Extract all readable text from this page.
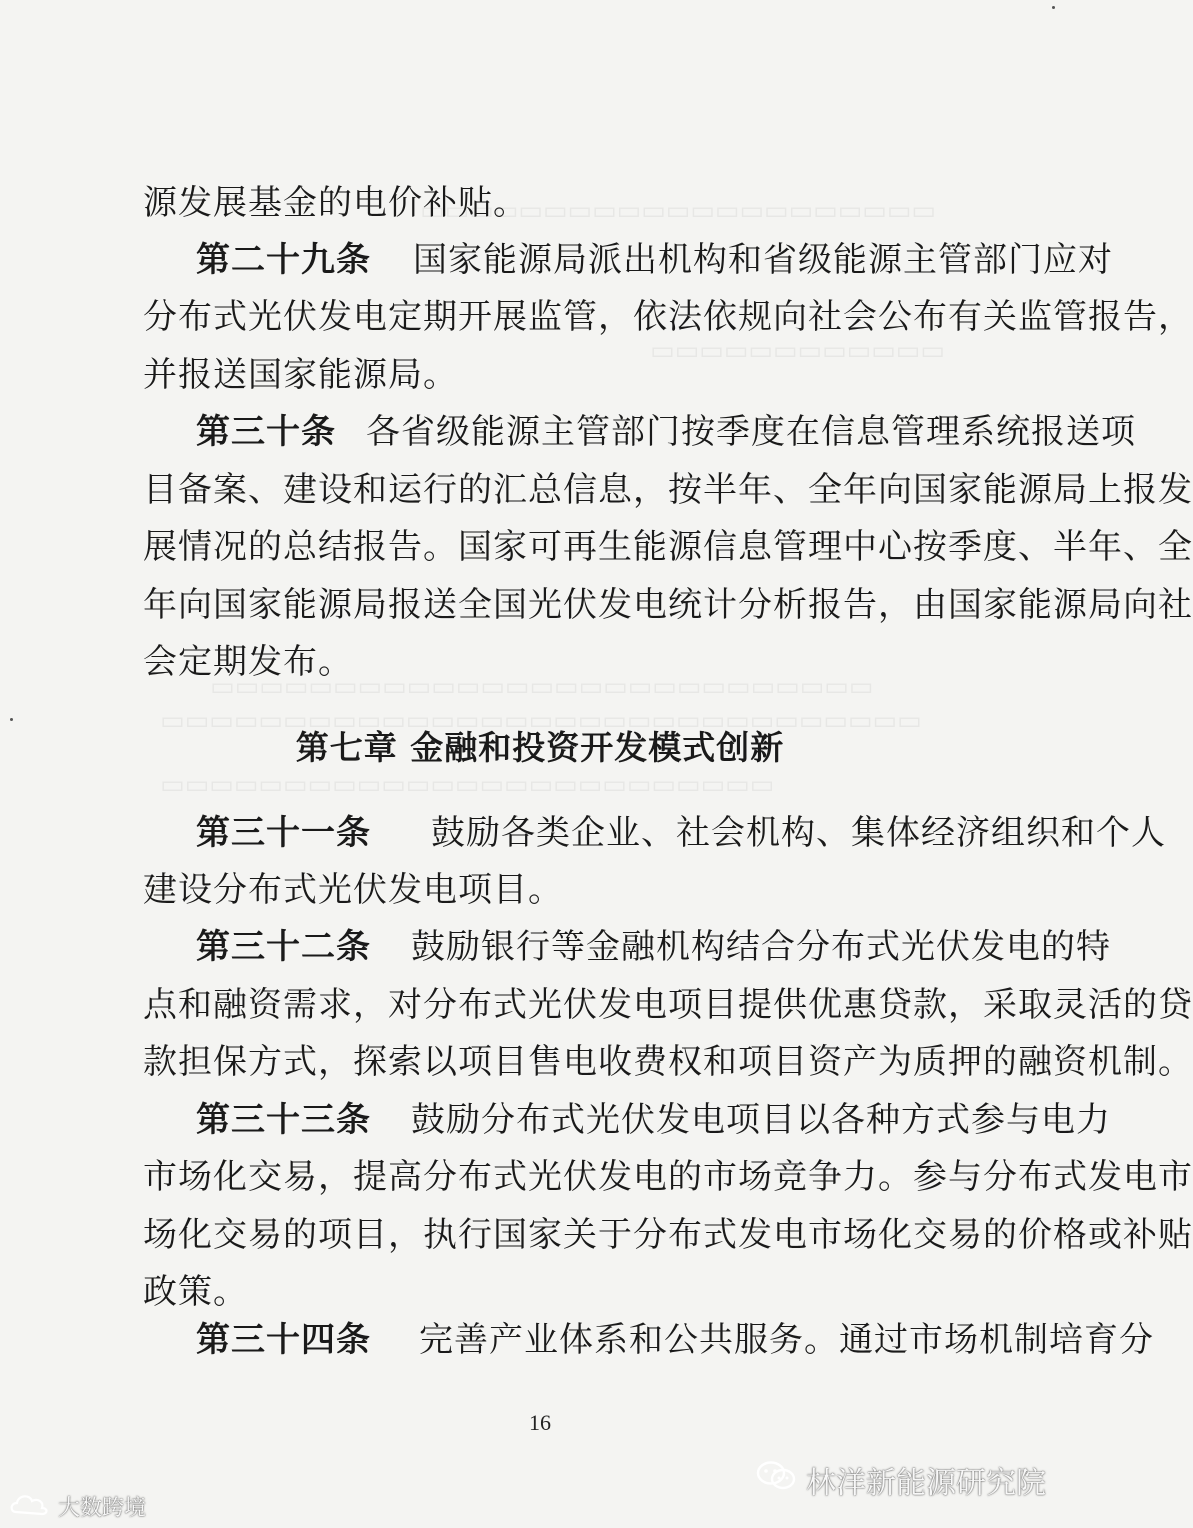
▭▭▭▭▭▭▭▭▭▭▭▭▭▭▭▭▭▭▭▭▭
▭▭▭▭▭▭▭▭▭▭▭▭
▭▭▭▭▭▭▭▭▭▭▭▭▭▭▭▭▭▭▭▭▭▭▭▭▭▭▭
▭▭▭▭▭▭▭▭▭▭▭▭▭▭▭▭▭▭▭▭▭▭▭▭▭▭▭▭▭▭▭
▭▭▭▭▭▭▭▭▭▭▭▭▭▭▭▭▭▭▭▭▭▭▭▭▭
源发展基金的电价补贴。
第二十九条 国家能源局派出机构和省级能源主管部门应对
分布式光伏发电定期开展监管，依法依规向社会公布有关监管报告，
并报送国家能源局。
第三十条 各省级能源主管部门按季度在信息管理系统报送项
目备案、建设和运行的汇总信息，按半年、全年向国家能源局上报发
展情况的总结报告。国家可再生能源信息管理中心按季度、半年、全
年向国家能源局报送全国光伏发电统计分析报告，由国家能源局向社
会定期发布。
第七章 金融和投资开发模式创新
第三十一条 鼓励各类企业、社会机构、集体经济组织和个人
建设分布式光伏发电项目。
第三十二条 鼓励银行等金融机构结合分布式光伏发电的特
点和融资需求，对分布式光伏发电项目提供优惠贷款，采取灵活的贷
款担保方式，探索以项目售电收费权和项目资产为质押的融资机制。
第三十三条 鼓励分布式光伏发电项目以各种方式参与电力
市场化交易，提高分布式光伏发电的市场竞争力。参与分布式发电市
场化交易的项目，执行国家关于分布式发电市场化交易的价格或补贴
政策。
第三十四条 完善产业体系和公共服务。通过市场机制培育分
16
林洋新能源研究院
大数跨境
